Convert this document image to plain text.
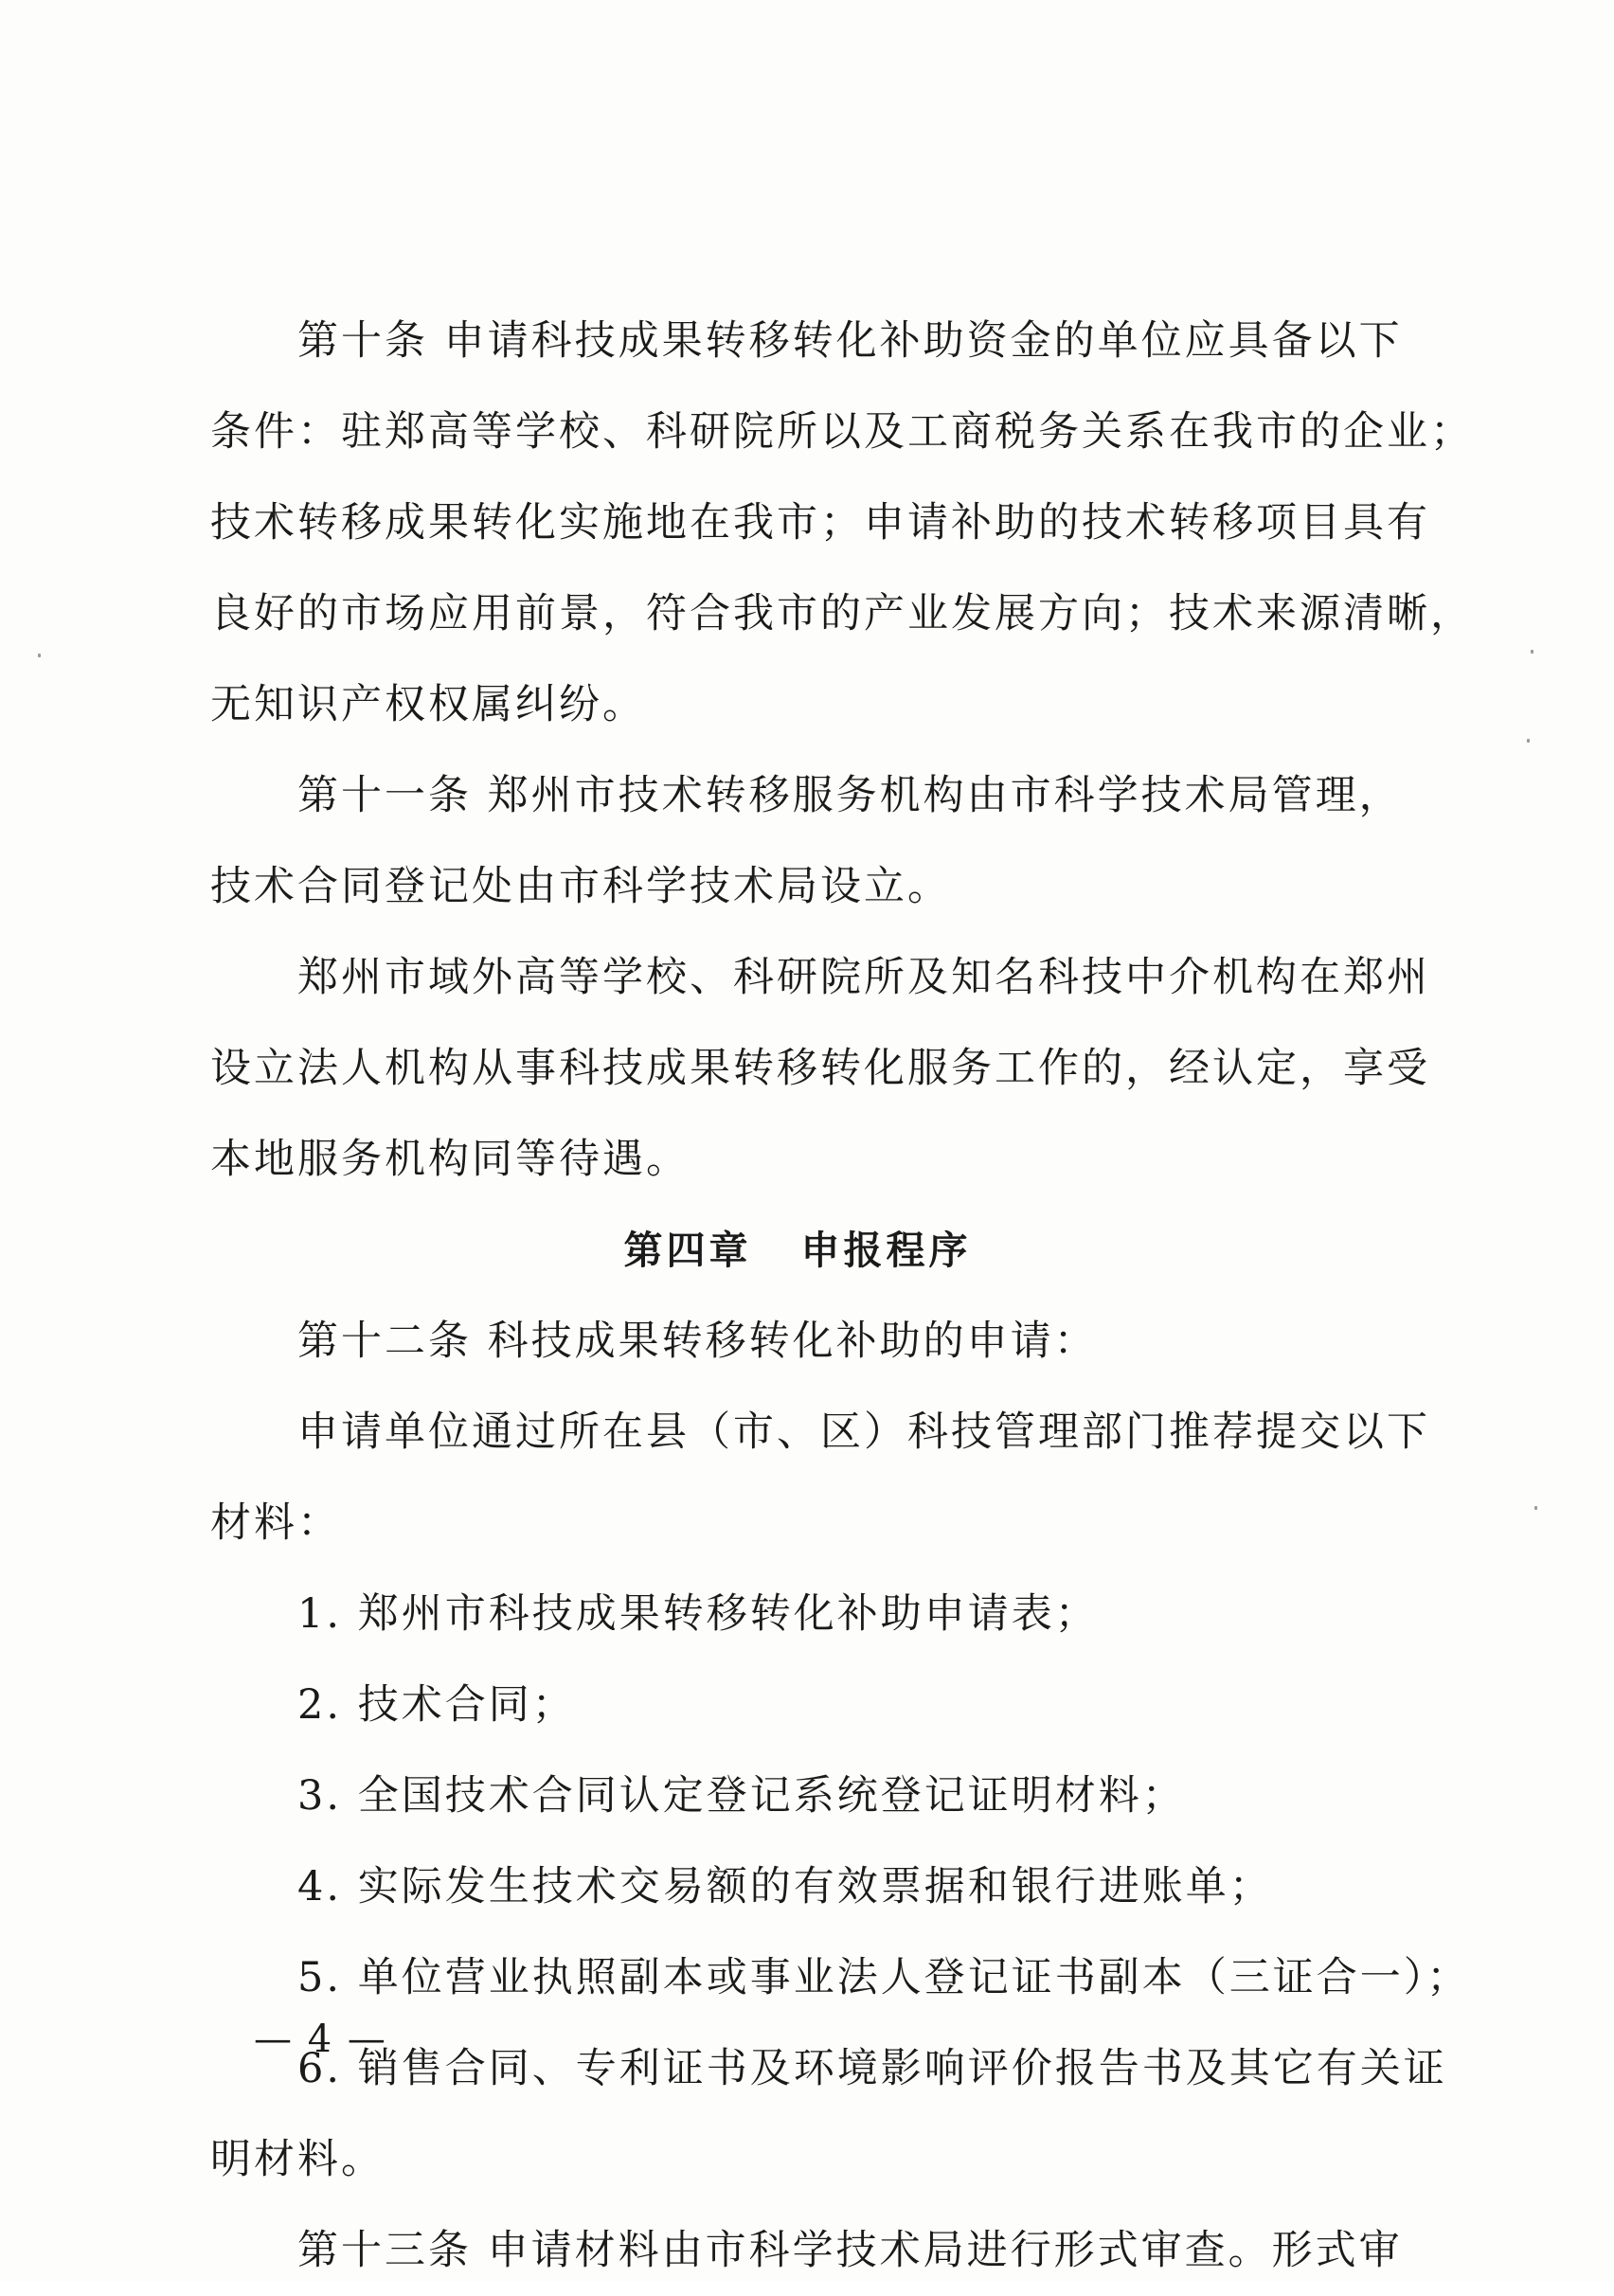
第十条 申请科技成果转移转化补助资金的单位应具备以下
条件：驻郑高等学校、科研院所以及工商税务关系在我市的企业；
技术转移成果转化实施地在我市；申请补助的技术转移项目具有
良好的市场应用前景，符合我市的产业发展方向；技术来源清晰，
无知识产权权属纠纷。
第十一条 郑州市技术转移服务机构由市科学技术局管理，
技术合同登记处由市科学技术局设立。
郑州市域外高等学校、科研院所及知名科技中介机构在郑州
设立法人机构从事科技成果转移转化服务工作的，经认定，享受
本地服务机构同等待遇。
第四章 申报程序
第十二条 科技成果转移转化补助的申请：
申请单位通过所在县（市、区）科技管理部门推荐提交以下
材料：
1. 郑州市科技成果转移转化补助申请表；
2. 技术合同；
3. 全国技术合同认定登记系统登记证明材料；
4. 实际发生技术交易额的有效票据和银行进账单；
5. 单位营业执照副本或事业法人登记证书副本（三证合一）；
6. 销售合同、专利证书及环境影响评价报告书及其它有关证
明材料。
第十三条 申请材料由市科学技术局进行形式审查。形式审
— 4 —
